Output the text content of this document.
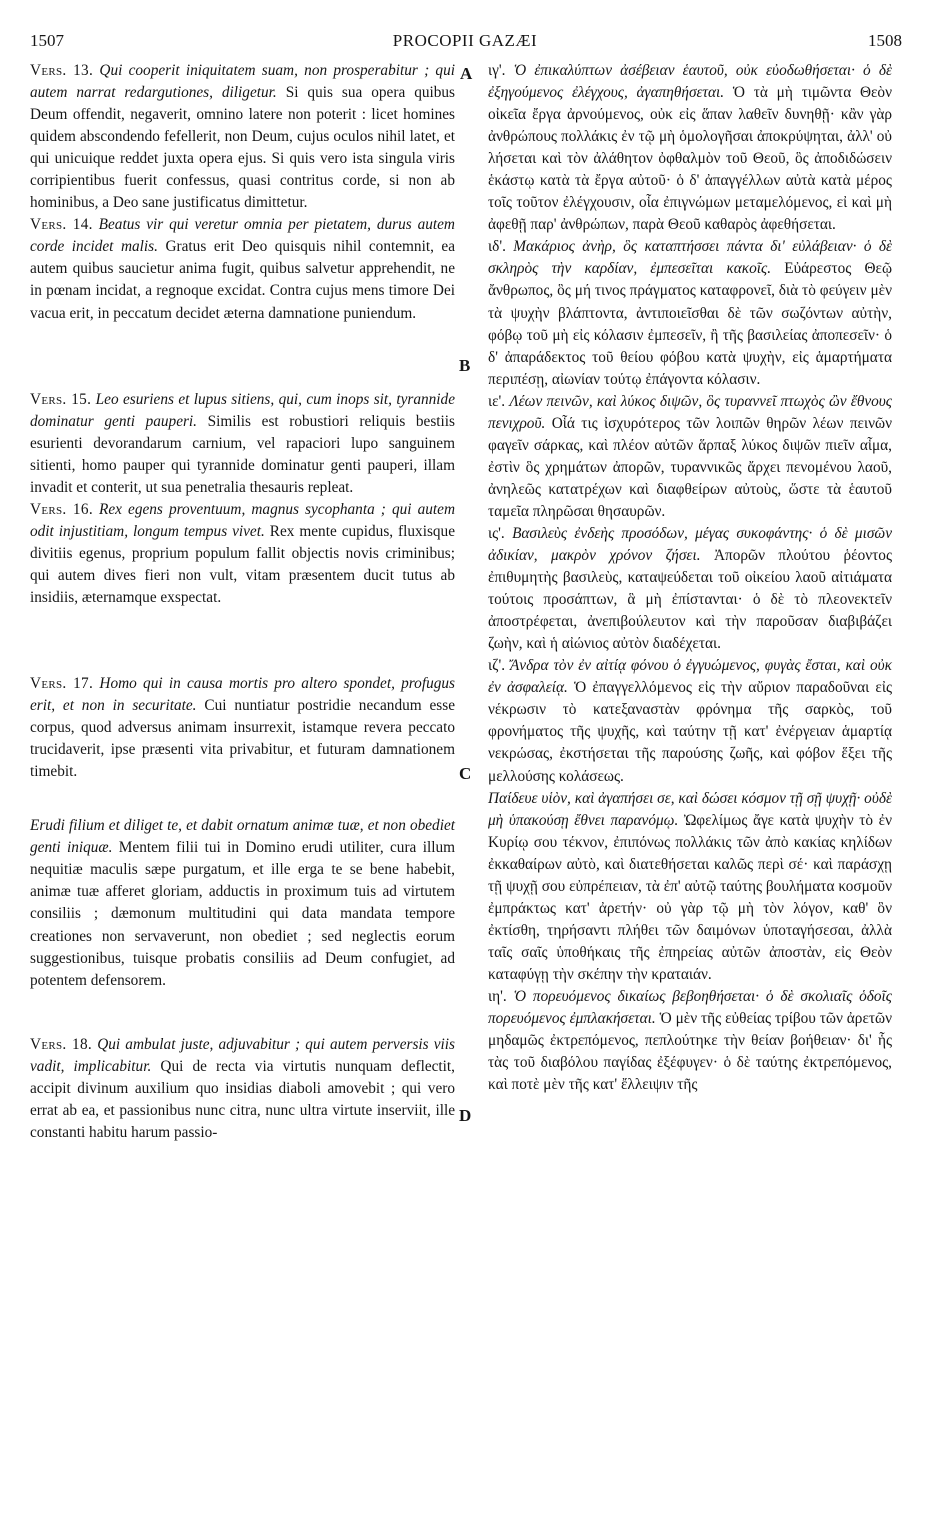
1507	PROCOPII GAZÆI	1508
A
B
C
D

Vers. 13. Qui cooperit iniquitatem suam, non prosperabitur ; qui autem narrat redargutiones, diligetur. Si quis sua opera quibus Deum offendit, negaverit, omnino latere non poterit : licet homines quidem abscondendo fefellerit, non Deum, cujus oculos nihil latet, et qui unicuique reddet juxta opera ejus. Si quis vero ista singula viris corripientibus fuerit confessus, quasi contritus corde, si non ab hominibus, a Deo sane justificatus dimittetur.

Vers. 14. Beatus vir qui veretur omnia per pietatem, durus autem corde incidet malis. Gratus erit Deo quisquis nihil contemnit, ea autem quibus saucietur anima fugit, quibus salvetur apprehendit, ne in pœnam incidat, a regnoque excidat. Contra cujus mens timore Dei vacua erit, in peccatum decidet æterna damnatione puniendum.

Vers. 15. Leo esuriens et lupus sitiens, qui, cum inops sit, tyrannide dominatur genti pauperi. Similis est robustiori reliquis bestiis esurienti devorandarum carnium, vel rapaciori lupo sanguinem sitienti, homo pauper qui tyrannide dominatur genti pauperi, illam invadit et conterit, ut sua penetralia thesauris repleat.

Vers. 16. Rex egens proventuum, magnus sycophanta ; qui autem odit injustitiam, longum tempus vivet. Rex mente cupidus, fluxisque divitiis egenus, proprium populum fallit objectis novis criminibus; qui autem dives fieri non vult, vitam præsentem ducit tutus ab insidiis, æternamque exspectat.

Vers. 17. Homo qui in causa mortis pro altero spondet, profugus erit, et non in securitate. Cui nuntiatur postridie necandum esse corpus, quod adversus animam insurrexit, istamque revera peccato trucidaverit, ipse præsenti vita privabitur, et futuram damnationem timebit.

Erudi filium et diliget te, et dabit ornatum animæ tuæ, et non obediet genti iniquæ. Mentem filii tui in Domino erudi utiliter, cura illum nequitiæ maculis sæpe purgatum, et ille erga te se bene habebit, animæ tuæ afferet gloriam, adductis in proximum tuis ad virtutem consiliis ; dæmonum multitudini qui data mandata tempore creationes non servaverunt, non obediet ; sed neglectis eorum suggestionibus, tuisque probatis consiliis ad Deum confugiet, ad potentem defensorem.

Vers. 18. Qui ambulat juste, adjuvabitur ; qui autem perversis viis vadit, implicabitur. Qui de recta via virtutis nunquam deflectit, accipit divinum auxilium quo insidias diaboli amovebit ; qui vero errat ab ea, et passionibus nunc citra, nunc ultra virtute inserviit, ille constanti habitu harum passio-

ιγ'. Ὁ ἐπικαλύπτων ἀσέβειαν ἑαυτοῦ, οὐκ εὐοδωθήσεται· ὁ δὲ ἐξηγούμενος ἐλέγχους, ἀγαπηθήσεται. Ὁ τὰ μὴ τιμῶντα Θεὸν οἰκεῖα ἔργα ἀρνούμενος, οὐκ εἰς ἅπαν λαθεῖν δυνηθῇ· κἂν γὰρ ἀνθρώπους πολλάκις ἐν τῷ μὴ ὁμολογῆσαι ἀποκρύψηται, ἀλλ' οὐ λήσεται καὶ τὸν ἀλάθητον ὀφθαλμὸν τοῦ Θεοῦ, ὃς ἀποδιδώσειν ἑκάστῳ κατὰ τὰ ἔργα αὐτοῦ· ὁ δ' ἀπαγγέλλων αὐτὰ κατὰ μέρος τοῖς τοῦτον ἐλέγχουσιν, οἷα ἐπιγνώμων μεταμελόμενος, εἰ καὶ μὴ ἀφεθῇ παρ' ἀνθρώπων, παρὰ Θεοῦ καθαρὸς ἀφεθήσεται.

ιδ'. Μακάριος ἀνὴρ, ὃς καταπτήσσει πάντα δι' εὐλάβειαν· ὁ δὲ σκληρὸς τὴν καρδίαν, ἐμπεσεῖται κακοῖς. Εὐάρεστος Θεῷ ἄνθρωπος, ὃς μή τινος πράγματος καταφρονεῖ, διὰ τὸ φεύγειν μὲν τὰ ψυχὴν βλάπτοντα, ἀντιποιεῖσθαι δὲ τῶν σωζόντων αὐτὴν, φόβῳ τοῦ μὴ εἰς κόλασιν ἐμπεσεῖν, ἢ τῆς βασιλείας ἀποπεσεῖν· ὁ δ' ἀπαράδεκτος τοῦ θείου φόβου κατὰ ψυχὴν, εἰς ἁμαρτήματα περιπέσῃ, αἰωνίαν τούτῳ ἐπάγοντα κόλασιν.

ιε'. Λέων πεινῶν, καὶ λύκος διψῶν, ὃς τυραννεῖ πτωχὸς ὢν ἔθνους πενιχροῦ. Οἷά τις ἰσχυρότερος τῶν λοιπῶν θηρῶν λέων πεινῶν φαγεῖν σάρκας, καὶ πλέον αὐτῶν ἅρπαξ λύκος διψῶν πιεῖν αἷμα, ἐστὶν ὃς χρημάτων ἀπορῶν, τυραννικῶς ἄρχει πενομένου λαοῦ, ἀνηλεῶς κατατρέχων καὶ διαφθείρων αὐτοὺς, ὥστε τὰ ἑαυτοῦ ταμεῖα πληρῶσαι θησαυρῶν.

ις'. Βασιλεὺς ἐνδεὴς προσόδων, μέγας συκοφάντης· ὁ δὲ μισῶν ἀδικίαν, μακρὸν χρόνον ζήσει. Ἀπορῶν πλούτου ῥέοντος ἐπιθυμητὴς βασιλεὺς, καταψεύδεται τοῦ οἰκείου λαοῦ αἰτιάματα τούτοις προσάπτων, ἃ μὴ ἐπίστανται· ὁ δὲ τὸ πλεονεκτεῖν ἀποστρέφεται, ἀνεπιβούλευτον καὶ τὴν παροῦσαν διαβιβάζει ζωὴν, καὶ ἡ αἰώνιος αὐτὸν διαδέχεται.

ιζ'. Ἄνδρα τὸν ἐν αἰτίᾳ φόνου ὁ ἐγγυώμενος, φυγὰς ἔσται, καὶ οὐκ ἐν ἀσφαλείᾳ. Ὁ ἐπαγγελλόμενος εἰς τὴν αὔριον παραδοῦναι εἰς νέκρωσιν τὸ κατεξαναστὰν φρόνημα τῆς σαρκὸς, τοῦ φρονήματος τῆς ψυχῆς, καὶ ταύτην τῇ κατ' ἐνέργειαν ἁμαρτίᾳ νεκρώσας, ἐκστήσεται τῆς παρούσης ζωῆς, καὶ φόβον ἕξει τῆς μελλούσης κολάσεως.

Παίδευε υἱὸν, καὶ ἀγαπήσει σε, καὶ δώσει κόσμον τῇ σῇ ψυχῇ· οὐδὲ μὴ ὑπακούσῃ ἔθνει παρανόμῳ. Ὠφελίμως ἄγε κατὰ ψυχὴν τὸ ἐν Κυρίῳ σου τέκνον, ἐπιπόνως πολλάκις τῶν ἀπὸ κακίας κηλίδων ἐκκαθαίρων αὐτὸ, καὶ διατεθήσεται καλῶς περὶ σέ· καὶ παράσχῃ τῇ ψυχῇ σου εὐπρέπειαν, τὰ ἐπ' αὐτῷ ταύτης βουλήματα κοσμοῦν ἐμπράκτως κατ' ἀρετήν· οὐ γὰρ τῷ μὴ τὸν λόγον, καθ' ὃν ἐκτίσθη, τηρήσαντι πλήθει τῶν δαιμόνων ὑποταγήσεσαι, ἀλλὰ ταῖς σαῖς ὑποθήκαις τῆς ἐπηρείας αὐτῶν ἀποστὰν, εἰς Θεὸν καταφύγῃ τὴν σκέπην τὴν κραταιάν.

ιη'. Ὁ πορευόμενος δικαίως βεβοηθήσεται· ὁ δὲ σκολιαῖς ὁδοῖς πορευόμενος ἐμπλακήσεται. Ὁ μὲν τῆς εὐθείας τρίβου τῶν ἀρετῶν μηδαμῶς ἐκτρεπόμενος, πεπλούτηκε τὴν θείαν βοήθειαν· δι' ἧς τὰς τοῦ διαβόλου παγίδας ἐξέφυγεν· ὁ δὲ ταύτης ἐκτρεπόμενος, καὶ ποτὲ μὲν τῆς κατ' ἔλλειψιν τῆς
